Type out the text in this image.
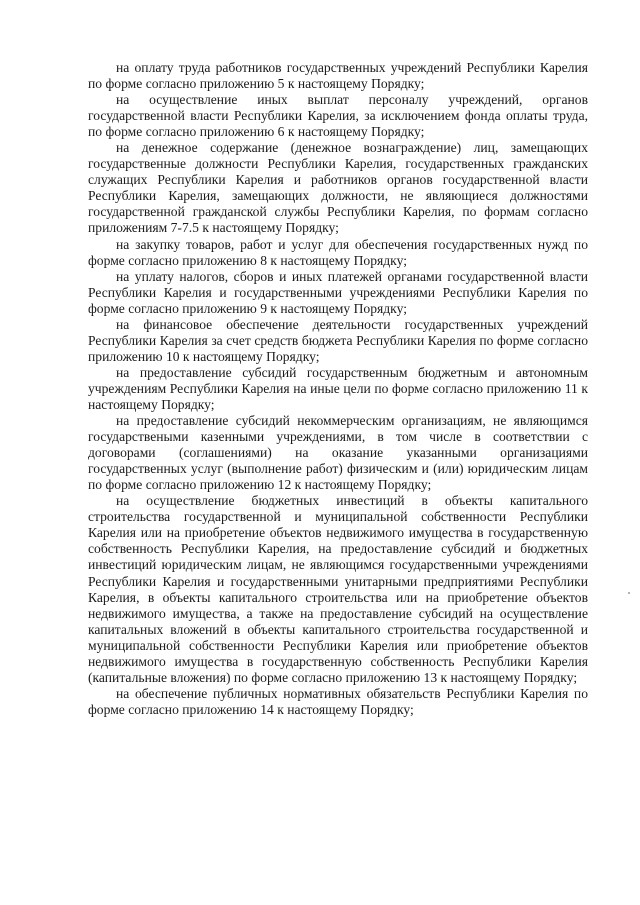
на оплату труда работников государственных учреждений Республики Карелия по форме согласно приложению 5 к настоящему Порядку;

на осуществление иных выплат персоналу учреждений, органов государственной власти Республики Карелия, за исключением фонда оплаты труда, по форме согласно приложению 6 к настоящему Порядку;

на денежное содержание (денежное вознаграждение) лиц, замещающих государственные должности Республики Карелия, государственных гражданских служащих Республики Карелия и работников органов государственной власти Республики Карелия, замещающих должности, не являющиеся должностями государственной гражданской службы Республики Карелия, по формам согласно приложениям 7-7.5 к настоящему Порядку;

на закупку товаров, работ и услуг для обеспечения государственных нужд по форме согласно приложению 8 к настоящему Порядку;

на уплату налогов, сборов и иных платежей органами государственной власти Республики Карелия и государственными учреждениями Республики Карелия по форме согласно приложению 9 к настоящему Порядку;

на финансовое обеспечение деятельности государственных учреждений Республики Карелия за счет средств бюджета Республики Карелия по форме согласно приложению 10 к настоящему Порядку;

на предоставление субсидий государственным бюджетным и автономным учреждениям Республики Карелия на иные цели по форме согласно приложению 11 к настоящему Порядку;

на предоставление субсидий некоммерческим организациям, не являющимся государствеными казенными учреждениями, в том числе в соответствии с договорами (соглашениями) на оказание указанными организациями государственных услуг (выполнение работ) физическим и (или) юридическим лицам по форме согласно приложению 12 к настоящему Порядку;

на осуществление бюджетных инвестиций в объекты капитального строительства государственной и муниципальной собственности Республики Карелия или на приобретение объектов недвижимого имущества в государственную собственность Республики Карелия, на предоставление субсидий и бюджетных инвестиций юридическим лицам, не являющимся государственными учреждениями Республики Карелия и государственными унитарными предприятиями Республики Карелия, в объекты капитального строительства или на приобретение объектов недвижимого имущества, а также на предоставление субсидий на осуществление капитальных вложений в объекты капитального строительства государственной и муниципальной собственности Республики Карелия или приобретение объектов недвижимого имущества в государственную собственность Республики Карелия (капитальные вложения) по форме согласно приложению 13 к настоящему Порядку;

на обеспечение публичных нормативных обязательств Республики Карелия по форме согласно приложению 14 к настоящему Порядку;
